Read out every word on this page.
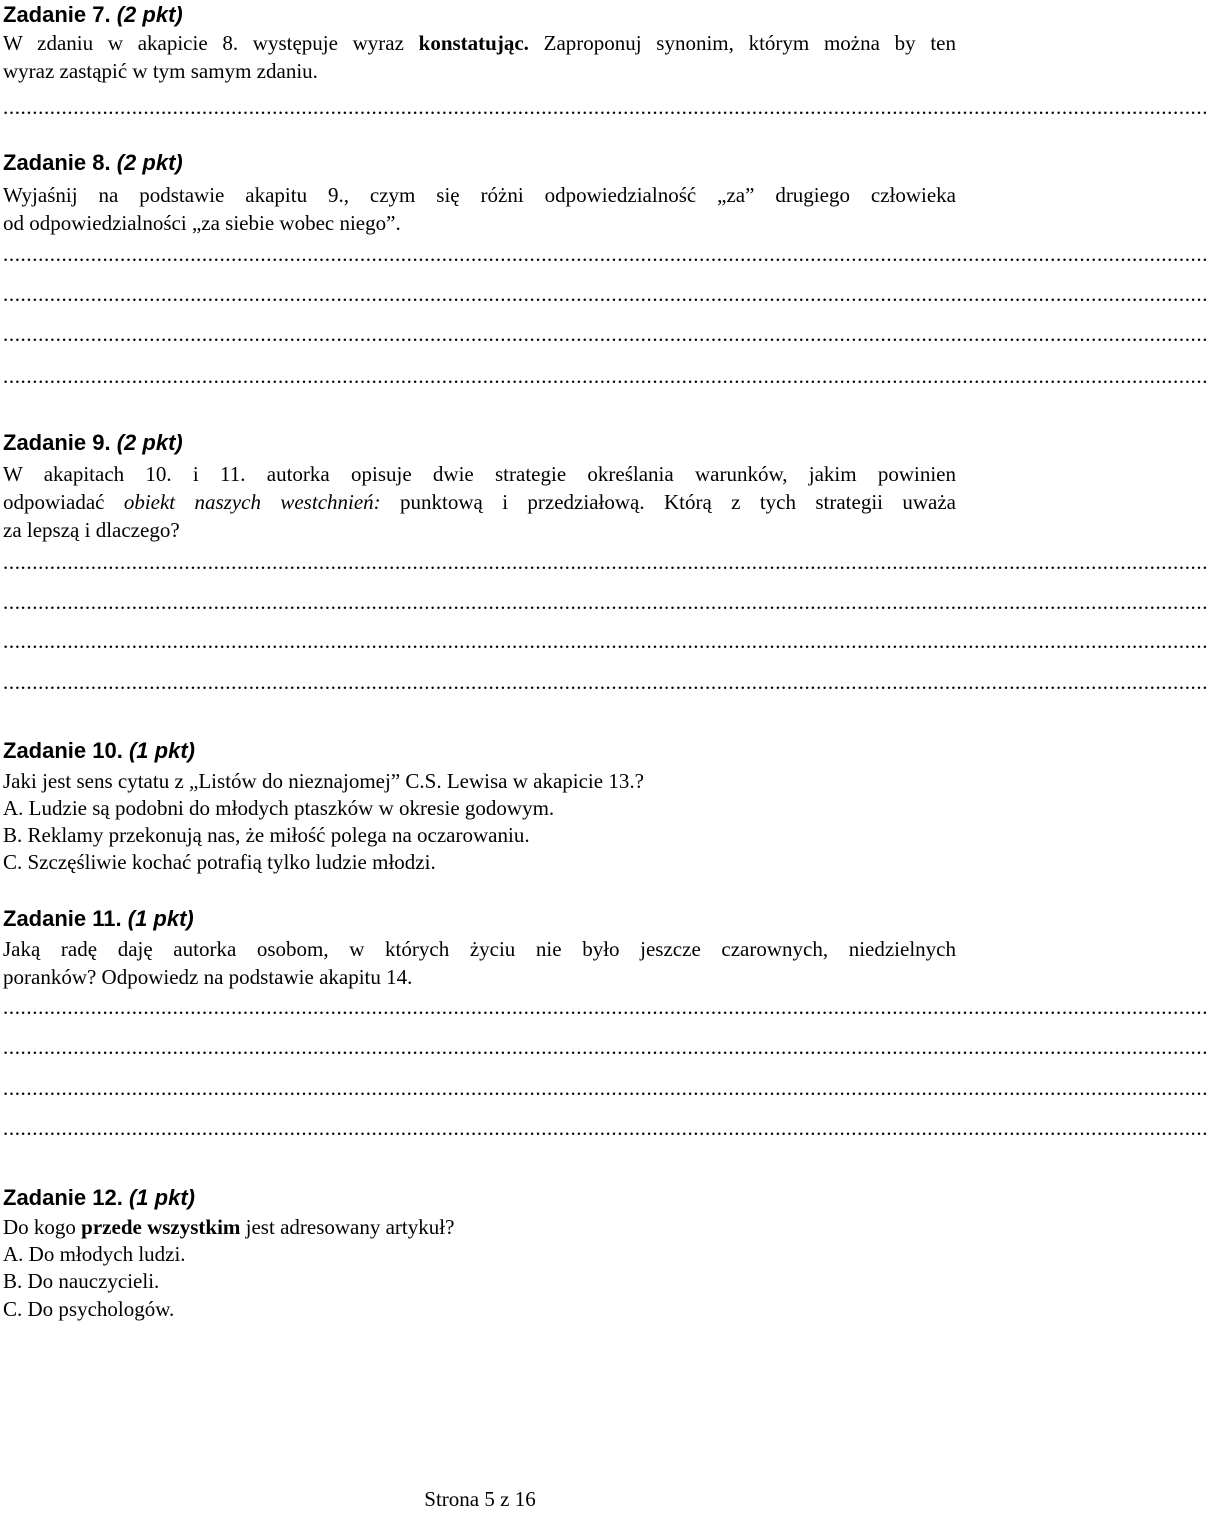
Zadanie 7. (2 pkt)
W zdaniu w akapicie 8. występuje wyraz konstatując. Zaproponuj synonim, którym można by ten
wyraz zastąpić w tym samym zdaniu.
..............................................................................................................................................................................................................
Zadanie 8. (2 pkt)
Wyjaśnij na podstawie akapitu 9., czym się różni odpowiedzialność „za” drugiego człowieka
od odpowiedzialności „za siebie wobec niego”.
..............................................................................................................................................................................................................
..............................................................................................................................................................................................................
..............................................................................................................................................................................................................
..............................................................................................................................................................................................................
Zadanie 9. (2 pkt)
W akapitach 10. i 11. autorka opisuje dwie strategie określania warunków, jakim powinien
odpowiadać obiekt naszych westchnień: punktową i przedziałową. Którą z tych strategii uważa
za lepszą i dlaczego?
..............................................................................................................................................................................................................
..............................................................................................................................................................................................................
..............................................................................................................................................................................................................
..............................................................................................................................................................................................................
Zadanie 10. (1 pkt)
Jaki jest sens cytatu z „Listów do nieznajomej” C.S. Lewisa w akapicie 13.?
A. Ludzie są podobni do młodych ptaszków w okresie godowym.
B. Reklamy przekonują nas, że miłość polega na oczarowaniu.
C. Szczęśliwie kochać potrafią tylko ludzie młodzi.
Zadanie 11. (1 pkt)
Jaką radę daję autorka osobom, w których życiu nie było jeszcze czarownych, niedzielnych
poranków? Odpowiedz na podstawie akapitu 14.
..............................................................................................................................................................................................................
..............................................................................................................................................................................................................
..............................................................................................................................................................................................................
..............................................................................................................................................................................................................
Zadanie 12. (1 pkt)
Do kogo przede wszystkim jest adresowany artykuł?
A. Do młodych ludzi.
B. Do nauczycieli.
C. Do psychologów.
Strona 5 z 16
